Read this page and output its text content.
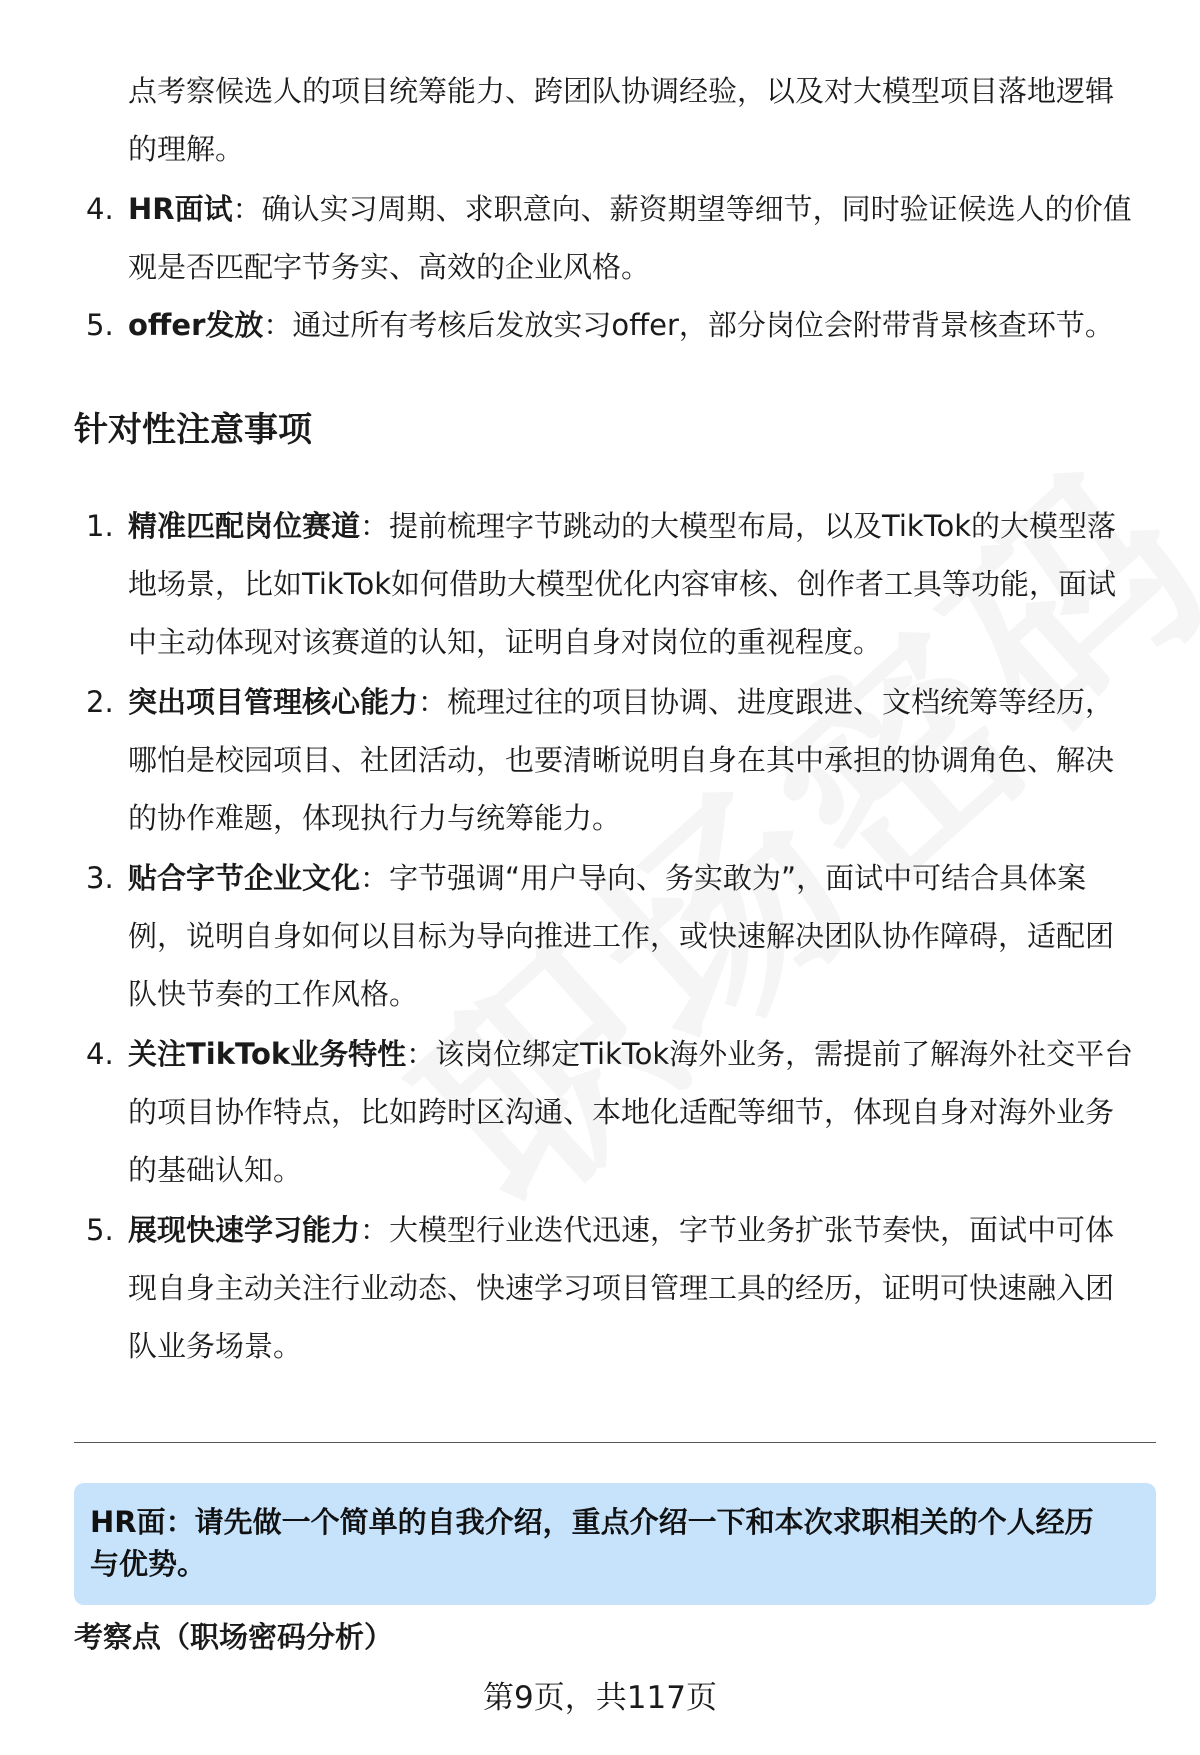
点考察候选人的项目统筹能力、跨团队协调经验，以及对大模型项目落地逻辑
的理解。
4. HR面试：确认实习周期、求职意向、薪资期望等细节，同时验证候选人的价值
观是否匹配字节务实、高效的企业风格。
5. offer发放：通过所有考核后发放实习offer，部分岗位会附带背景核查环节。
针对性注意事项
1. 精准匹配岗位赛道：提前梳理字节跳动的大模型布局，以及TikTok的大模型落
地场景，比如TikTok如何借助大模型优化内容审核、创作者工具等功能，面试
中主动体现对该赛道的认知，证明自身对岗位的重视程度。
2. 突出项目管理核心能力：梳理过往的项目协调、进度跟进、文档统筹等经历，
哪怕是校园项目、社团活动，也要清晰说明自身在其中承担的协调角色、解决
的协作难题，体现执行力与统筹能力。
3. 贴合字节企业文化：字节强调“用户导向、务实敢为”，面试中可结合具体案
例，说明自身如何以目标为导向推进工作，或快速解决团队协作障碍，适配团
队快节奏的工作风格。
4. 关注TikTok业务特性：该岗位绑定TikTok海外业务，需提前了解海外社交平台
的项目协作特点，比如跨时区沟通、本地化适配等细节，体现自身对海外业务
的基础认知。
5. 展现快速学习能力：大模型行业迭代迅速，字节业务扩张节奏快，面试中可体
现自身主动关注行业动态、快速学习项目管理工具的经历，证明可快速融入团
队业务场景。
HR面：请先做一个简单的自我介绍，重点介绍一下和本次求职相关的个人经历
与优势。
考察点（职场密码分析）
第9页，共117页
